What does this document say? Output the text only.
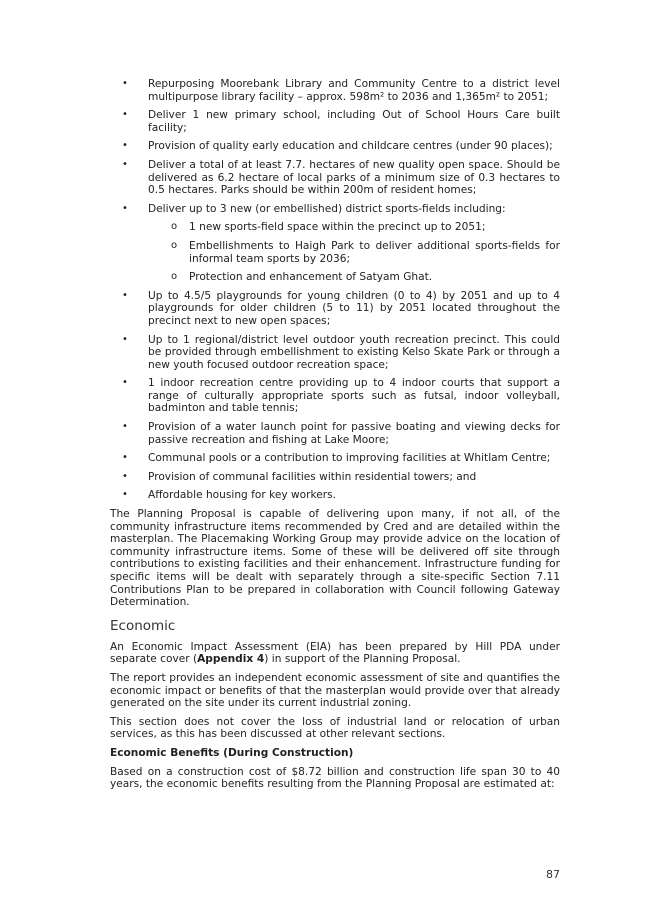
• Repurposing Moorebank Library and Community Centre to a district level multipurpose library facility – approx. 598m² to 2036 and 1,365m² to 2051;
• Deliver 1 new primary school, including Out of School Hours Care built facility;
• Provision of quality early education and childcare centres (under 90 places);
• Deliver a total of at least 7.7. hectares of new quality open space. Should be delivered as 6.2 hectare of local parks of a minimum size of 0.3 hectares to 0.5 hectares. Parks should be within 200m of resident homes;
• Deliver up to 3 new (or embellished) district sports-fields including:
o 1 new sports-field space within the precinct up to 2051;
o Embellishments to Haigh Park to deliver additional sports-fields for informal team sports by 2036;
o Protection and enhancement of Satyam Ghat.
• Up to 4.5/5 playgrounds for young children (0 to 4) by 2051 and up to 4 playgrounds for older children (5 to 11) by 2051 located throughout the precinct next to new open spaces;
• Up to 1 regional/district level outdoor youth recreation precinct. This could be provided through embellishment to existing Kelso Skate Park or through a new youth focused outdoor recreation space;
• 1 indoor recreation centre providing up to 4 indoor courts that support a range of culturally appropriate sports such as futsal, indoor volleyball, badminton and table tennis;
• Provision of a water launch point for passive boating and viewing decks for passive recreation and fishing at Lake Moore;
• Communal pools or a contribution to improving facilities at Whitlam Centre;
• Provision of communal facilities within residential towers; and
• Affordable housing for key workers.

The Planning Proposal is capable of delivering upon many, if not all, of the community infrastructure items recommended by Cred and are detailed within the masterplan. The Placemaking Working Group may provide advice on the location of community infrastructure items. Some of these will be delivered off site through contributions to existing facilities and their enhancement. Infrastructure funding for specific items will be dealt with separately through a site-specific Section 7.11 Contributions Plan to be prepared in collaboration with Council following Gateway Determination.

Economic

An Economic Impact Assessment (EIA) has been prepared by Hill PDA under separate cover (Appendix 4) in support of the Planning Proposal.

The report provides an independent economic assessment of site and quantifies the economic impact or benefits of that the masterplan would provide over that already generated on the site under its current industrial zoning.

This section does not cover the loss of industrial land or relocation of urban services, as this has been discussed at other relevant sections.

Economic Benefits (During Construction)

Based on a construction cost of $8.72 billion and construction life span 30 to 40 years, the economic benefits resulting from the Planning Proposal are estimated at:

87
